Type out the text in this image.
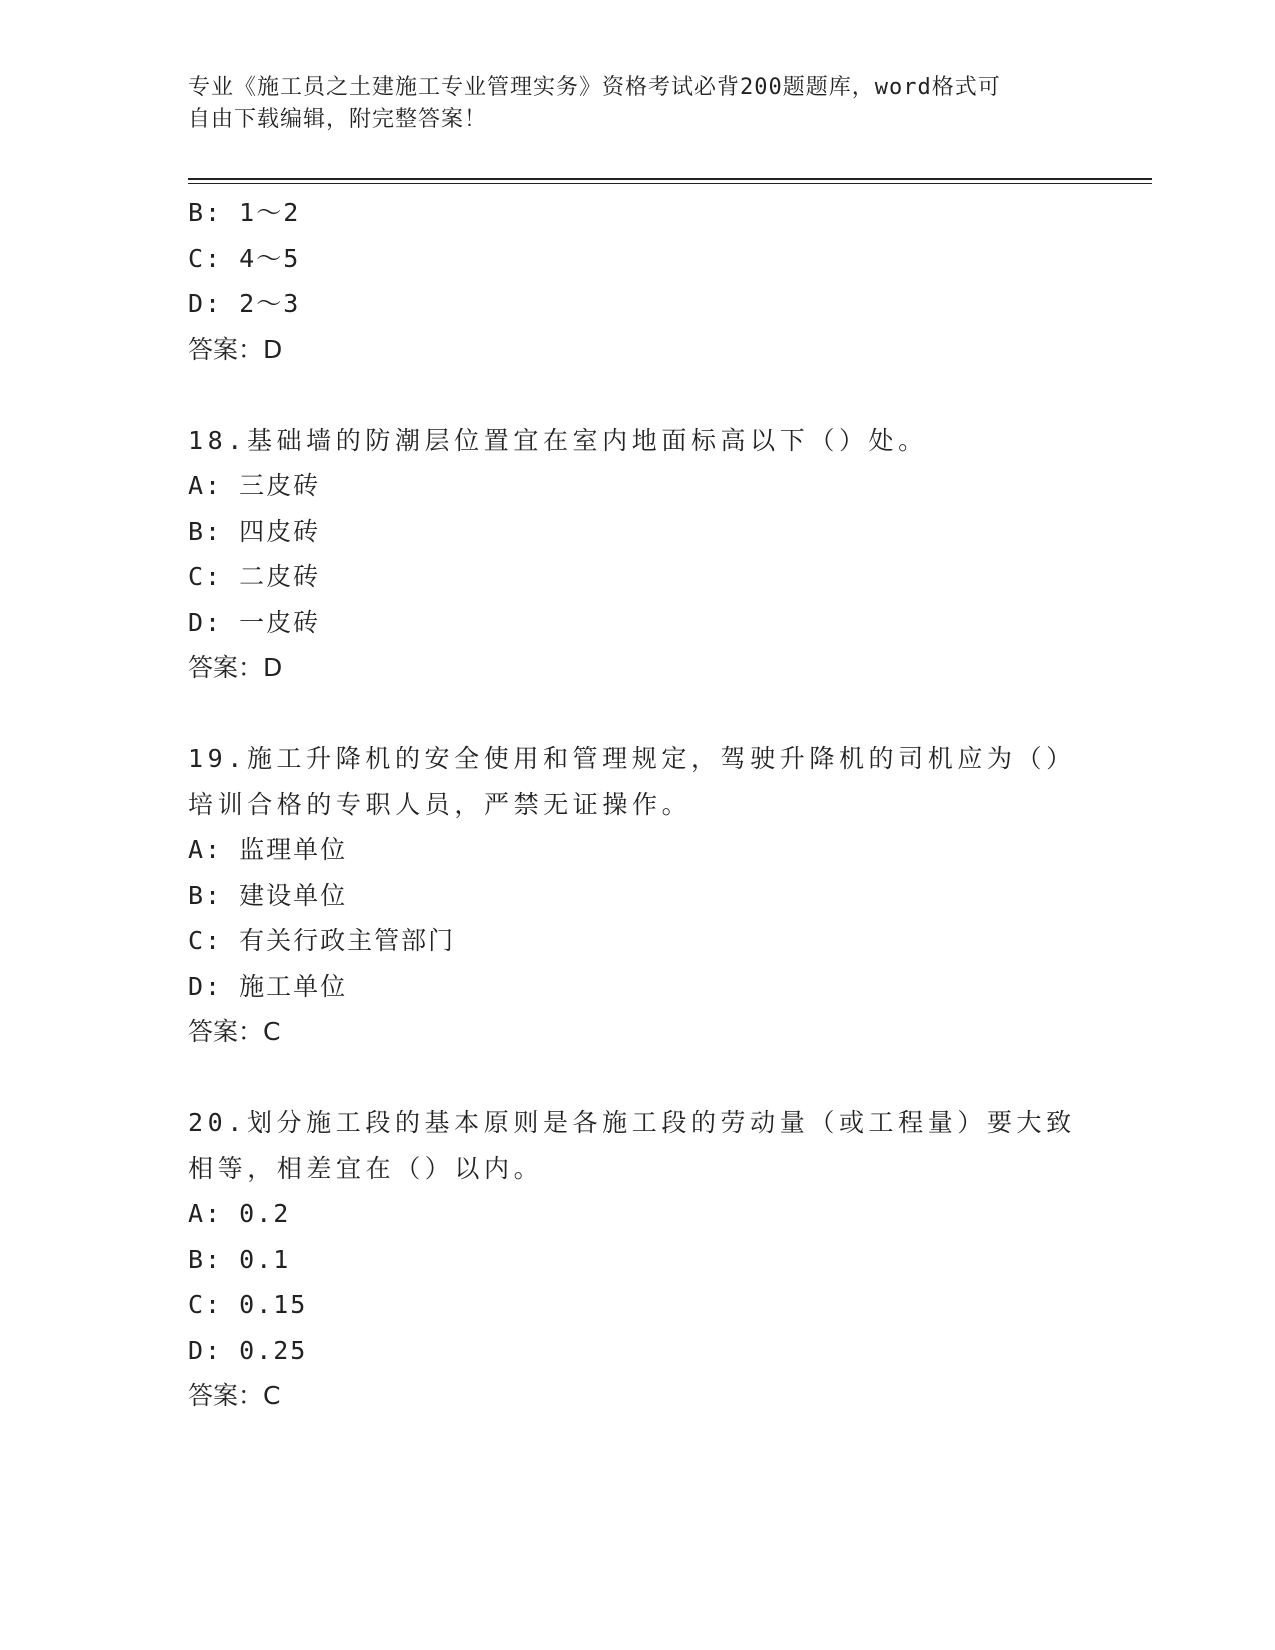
专业《施工员之土建施工专业管理实务》资格考试必背200题题库，word格式可
自由下载编辑，附完整答案！
B: 1～2
C: 4～5
D: 2～3
答案：D
18.基础墙的防潮层位置宜在室内地面标高以下（）处。
A: 三皮砖
B: 四皮砖
C: 二皮砖
D: 一皮砖
答案：D
19.施工升降机的安全使用和管理规定，驾驶升降机的司机应为（）培训合格的专职人员，严禁无证操作。
A: 监理单位
B: 建设单位
C: 有关行政主管部门
D: 施工单位
答案：C
20.划分施工段的基本原则是各施工段的劳动量（或工程量）要大致相等，相差宜在（）以内。
A: 0.2
B: 0.1
C: 0.15
D: 0.25
答案：C
